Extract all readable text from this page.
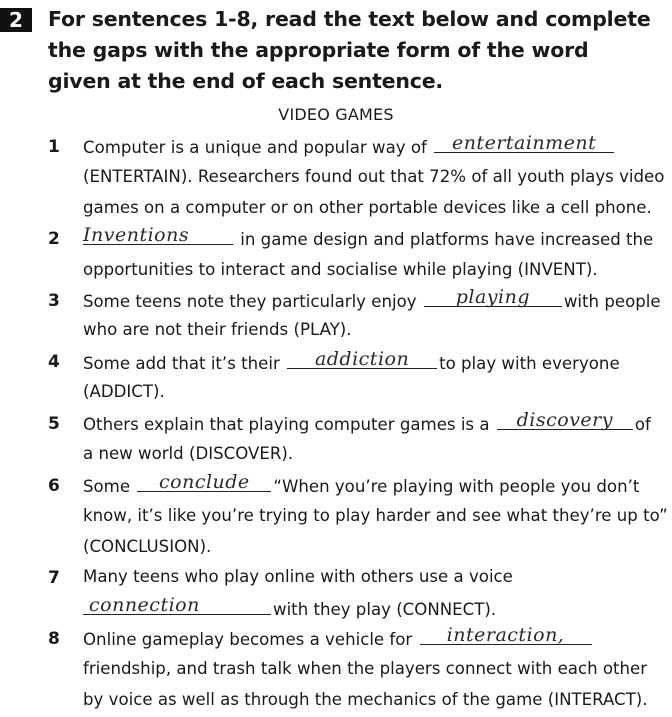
2	For sentences 1-8, read the text below and complete the gaps with the appropriate form of the word given at the end of each sentence.
VIDEO GAMES
1 Computer is a unique and popular way of	entertainment
(ENTERTAIN). Researchers found out that 72% of all youth plays video
games on a computer or on other portable devices like a cell phone.
2 Inventions	in game design and platforms have increased the
opportunities to interact and socialise while playing (INVENT).
3 Some teens note they particularly enjoy	playing	with people
who are not their friends (PLAY).
4 Some add that it’s their	addiction	to play with everyone
(ADDICT).
5 Others explain that playing computer games is a	discovery	of
a new world (DISCOVER).
6 Some	conclude	“When you’re playing with people you don’t
know, it’s like you’re trying to play harder and see what they’re up to”
(CONCLUSION).
7 Many teens who play online with others use a voice
connection	with they play (CONNECT).
8 Online gameplay becomes a vehicle for	interaction,
friendship, and trash talk when the players connect with each other
by voice as well as through the mechanics of the game (INTERACT).
